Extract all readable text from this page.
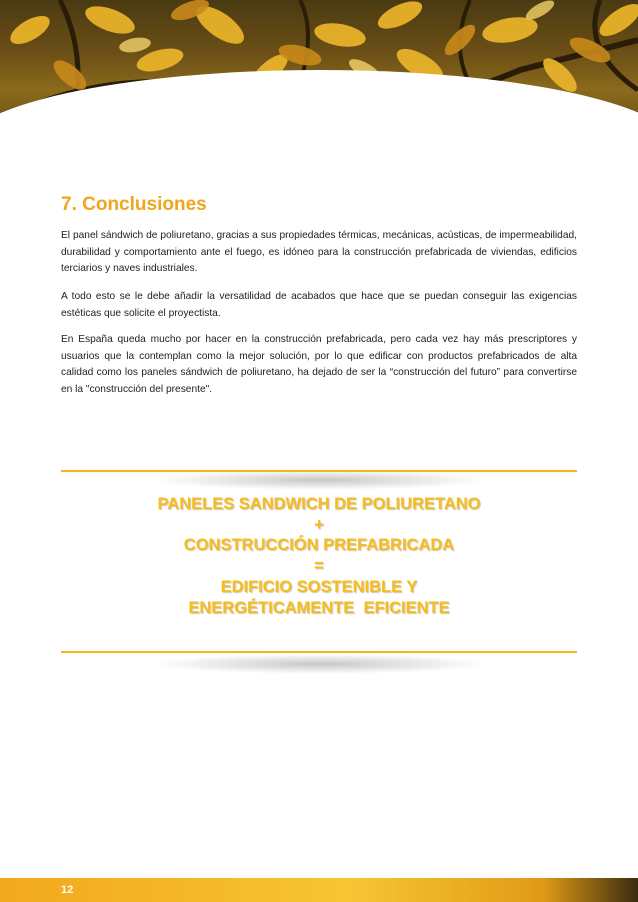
7. Conclusiones

El panel sándwich de poliuretano, gracias a sus propiedades térmicas, mecánicas, acústicas, de impermeabilidad, durabilidad y comportamiento ante el fuego, es idóneo para la construcción prefabricada de viviendas, edificios terciarios y naves industriales.

A todo esto se le debe añadir la versatilidad de acabados que hace que se puedan conseguir las exigencias estéticas que solicite el proyectista.

En España queda mucho por hacer en la construcción prefabricada, pero cada vez hay más prescriptores y usuarios que la contemplan como la mejor solución, por lo que edificar con productos prefabricados de alta calidad como los paneles sándwich de poliuretano, ha dejado de ser la “construcción del futuro” para convertirse en la "construcción del presente".

PANELES SANDWICH DE POLIURETANO
+
CONSTRUCCIÓN PREFABRICADA
=
EDIFICIO SOSTENIBLE Y
ENERGÉTICAMENTE  EFICIENTE
12
